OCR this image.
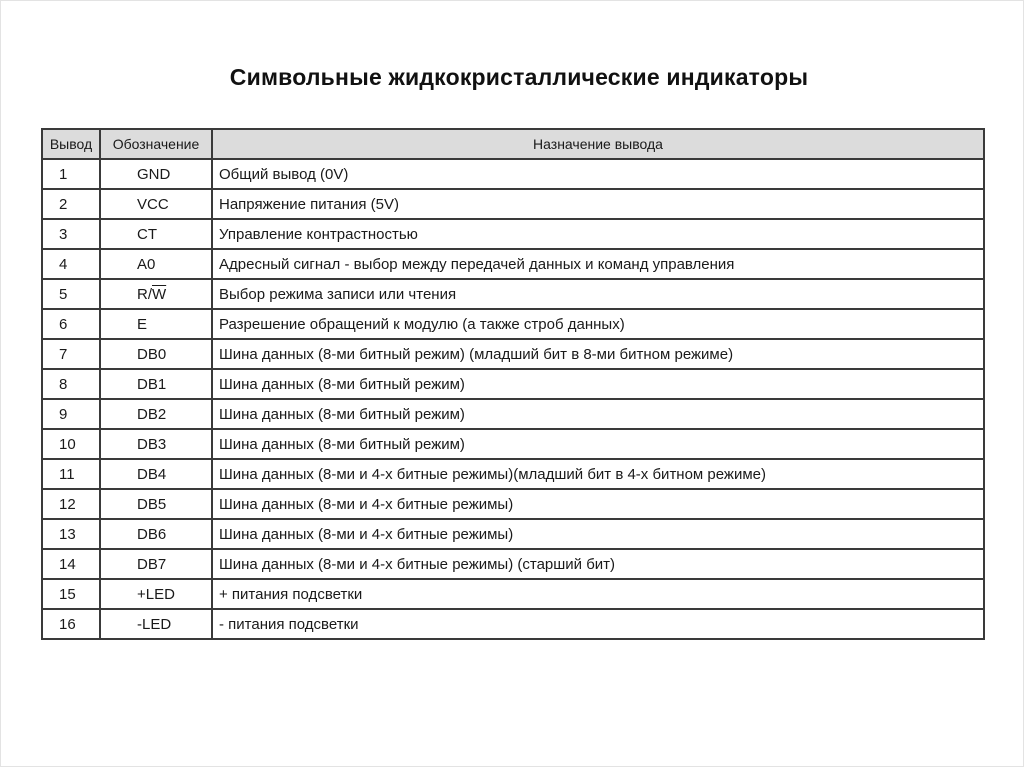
Символьные жидкокристаллические индикаторы
Вывод	Обозначение	Назначение вывода
1	GND	Общий вывод (0V)
2	VCC	Напряжение питания (5V)
3	CT	Управление контрастностью
4	A0	Адресный сигнал - выбор между передачей данных и команд управления
5	$R/\overline{W}$	Выбор режима записи или чтения
6	E	Разрешение обращений к модулю (а также строб данных)
7	DB0	Шина данных (8-ми битный режим) (младший бит в 8-ми битном режиме)
8	DB1	Шина данных (8-ми битный режим)
9	DB2	Шина данных (8-ми битный режим)
10	DB3	Шина данных (8-ми битный режим)
11	DB4	Шина данных (8-ми и 4-х битные режимы)(младший бит в 4-х битном режиме)
12	DB5	Шина данных (8-ми и 4-х битные режимы)
13	DB6	Шина данных (8-ми и 4-х битные режимы)
14	DB7	Шина данных (8-ми и 4-х битные режимы) (старший бит)
15	+LED	+ питания подсветки
16	-LED	- питания подсветки
